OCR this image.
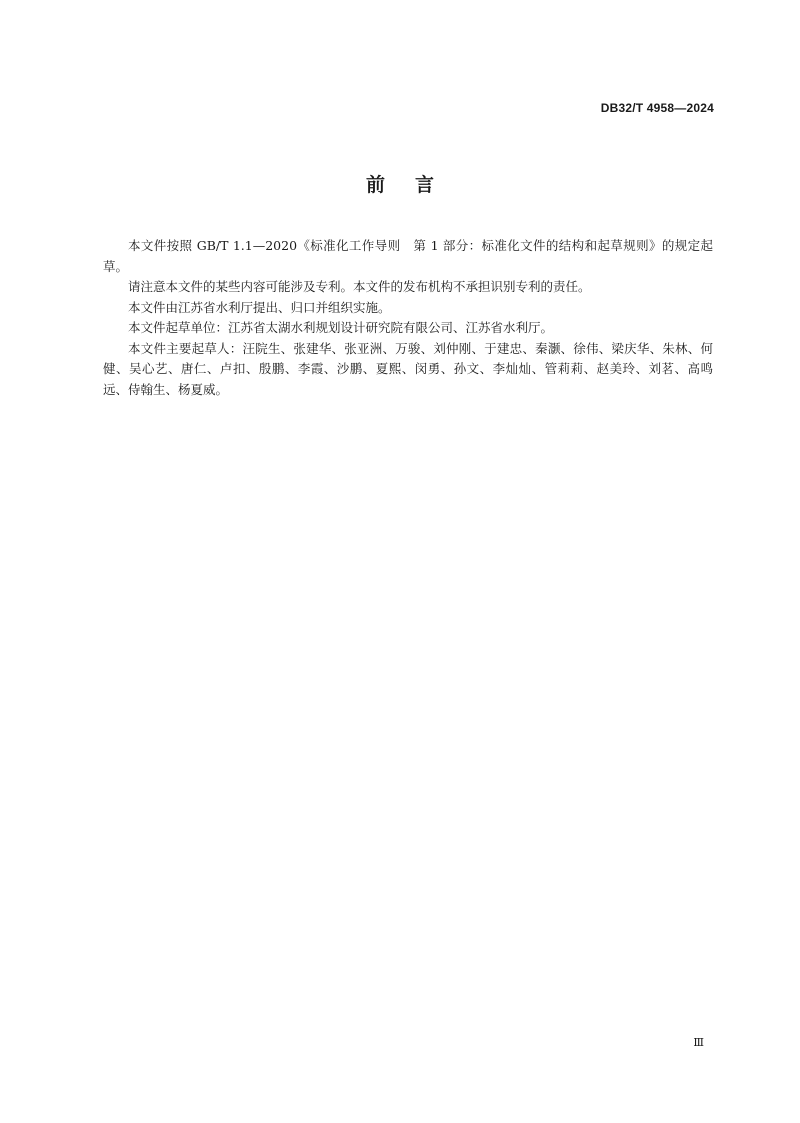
DB32/T 4958—2024
前言

本文件按照 GB/T 1.1—2020《标准化工作导则　第 1 部分：标准化文件的结构和起草规则》的规定起草。

请注意本文件的某些内容可能涉及专利。本文件的发布机构不承担识别专利的责任。

本文件由江苏省水利厅提出、归口并组织实施。

本文件起草单位：江苏省太湖水利规划设计研究院有限公司、江苏省水利厅。

本文件主要起草人：汪院生、张建华、张亚洲、万骏、刘仲刚、于建忠、秦灏、徐伟、梁庆华、朱林、何健、吴心艺、唐仁、卢扣、殷鹏、李霞、沙鹏、夏熙、闵勇、孙文、李灿灿、管莉莉、赵美玲、刘茗、高鸣远、侍翰生、杨夏威。

Ⅲ
